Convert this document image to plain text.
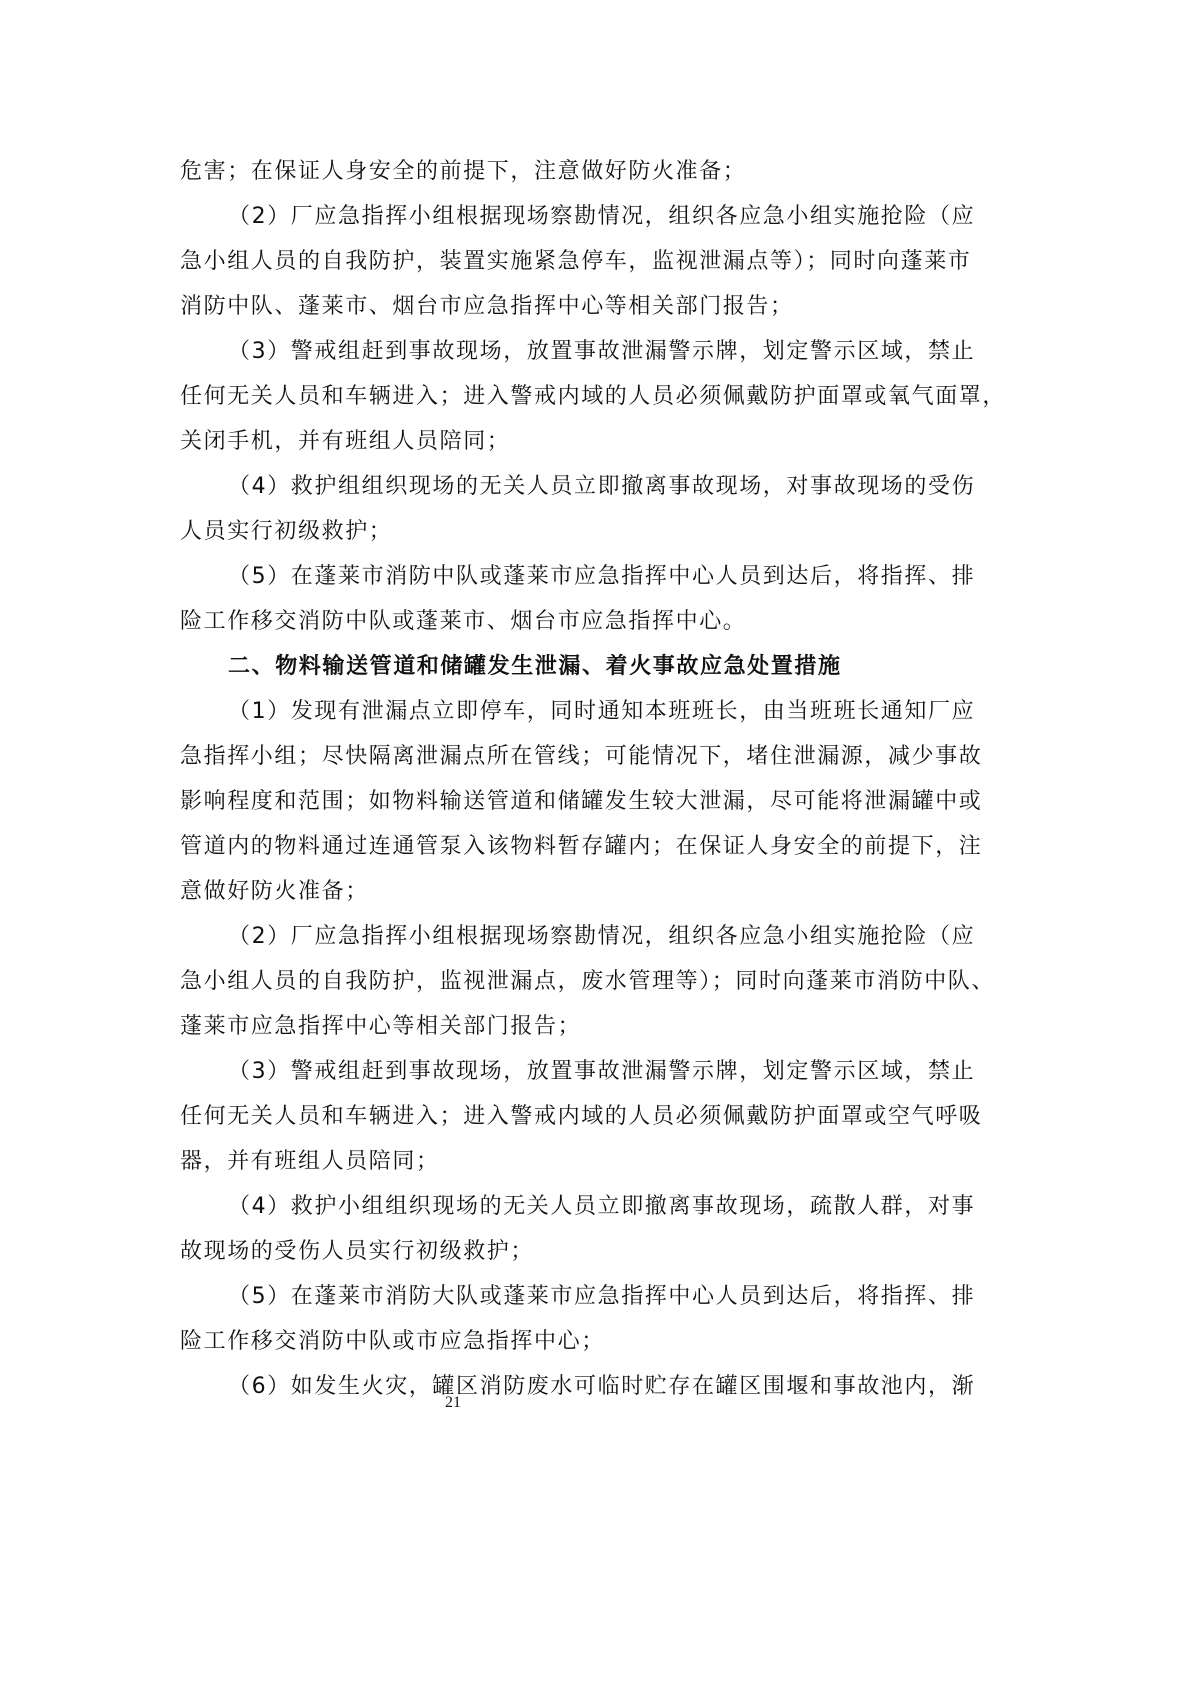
危害；在保证人身安全的前提下，注意做好防火准备；
（2）厂应急指挥小组根据现场察勘情况，组织各应急小组实施抢险（应
急小组人员的自我防护，装置实施紧急停车，监视泄漏点等）；同时向蓬莱市
消防中队、蓬莱市、烟台市应急指挥中心等相关部门报告；
（3）警戒组赶到事故现场，放置事故泄漏警示牌，划定警示区域，禁止
任何无关人员和车辆进入；进入警戒内域的人员必须佩戴防护面罩或氧气面罩，
关闭手机，并有班组人员陪同；
（4）救护组组织现场的无关人员立即撤离事故现场，对事故现场的受伤
人员实行初级救护；
（5）在蓬莱市消防中队或蓬莱市应急指挥中心人员到达后，将指挥、排
险工作移交消防中队或蓬莱市、烟台市应急指挥中心。
二、物料输送管道和储罐发生泄漏、着火事故应急处置措施
（1）发现有泄漏点立即停车，同时通知本班班长，由当班班长通知厂应
急指挥小组；尽快隔离泄漏点所在管线；可能情况下，堵住泄漏源，减少事故
影响程度和范围；如物料输送管道和储罐发生较大泄漏，尽可能将泄漏罐中或
管道内的物料通过连通管泵入该物料暂存罐内；在保证人身安全的前提下，注
意做好防火准备；
（2）厂应急指挥小组根据现场察勘情况，组织各应急小组实施抢险（应
急小组人员的自我防护，监视泄漏点，废水管理等）；同时向蓬莱市消防中队、
蓬莱市应急指挥中心等相关部门报告；
（3）警戒组赶到事故现场，放置事故泄漏警示牌，划定警示区域，禁止
任何无关人员和车辆进入；进入警戒内域的人员必须佩戴防护面罩或空气呼吸
器，并有班组人员陪同；
（4）救护小组组织现场的无关人员立即撤离事故现场，疏散人群，对事
故现场的受伤人员实行初级救护；
（5）在蓬莱市消防大队或蓬莱市应急指挥中心人员到达后，将指挥、排
21
险工作移交消防中队或市应急指挥中心；
（6）如发生火灾，罐区消防废水可临时贮存在罐区围堰和事故池内，渐
